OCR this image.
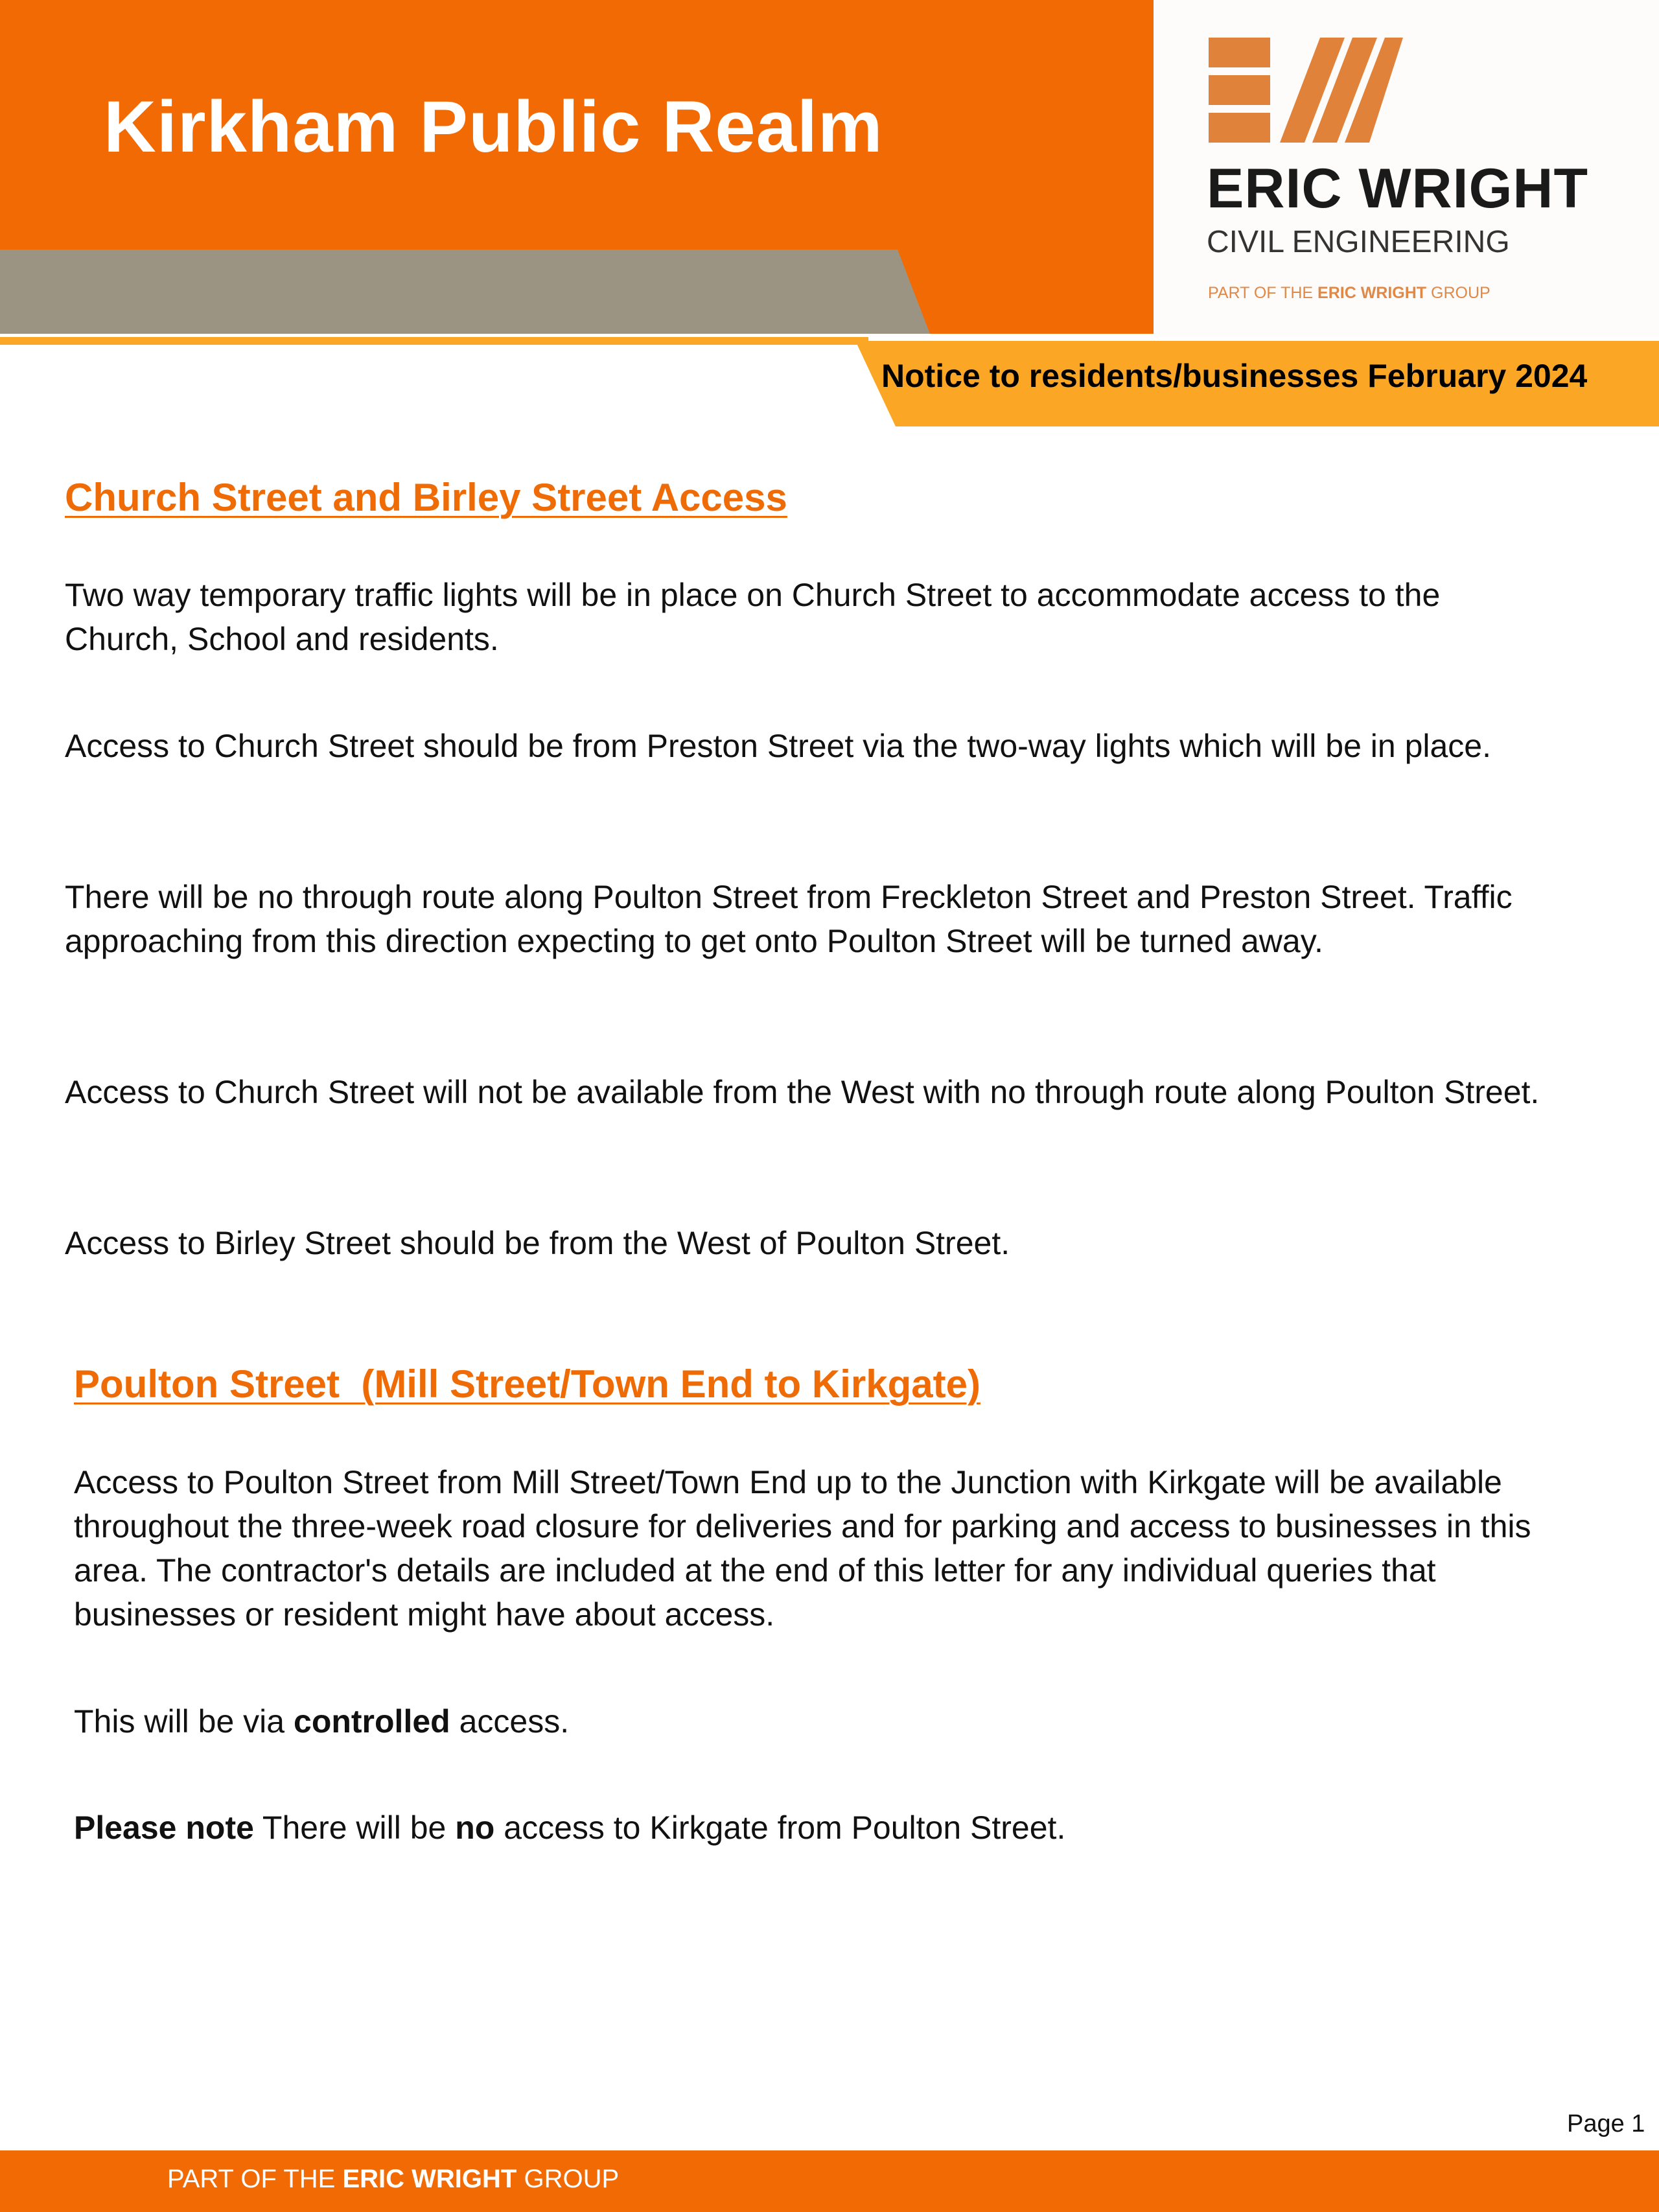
Kirkham Public Realm
ERIC WRIGHT
CIVIL ENGINEERING
PART OF THE ERIC WRIGHT GROUP
Notice to residents/businesses February 2024
Church Street and Birley Street Access

Two way temporary traffic lights will be in place on Church Street to accommodate access to the Church, School and residents.

Access to Church Street should be from Preston Street via the two-way lights which will be in place.

There will be no through route along Poulton Street from Freckleton Street and Preston Street. Traffic approaching from this direction expecting to get onto Poulton Street will be turned away.

Access to Church Street will not be available from the West with no through route along Poulton Street.

Access to Birley Street should be from the West of Poulton Street.

Poulton Street  (Mill Street/Town End to Kirkgate)

Access to Poulton Street from Mill Street/Town End up to the Junction with Kirkgate will be available throughout the three-week road closure for deliveries and for parking and access to businesses in this area. The contractor's details are included at the end of this letter for any individual queries that businesses or resident might have about access.

This will be via controlled access.

Please note There will be no access to Kirkgate from Poulton Street.

Page 1
PART OF THE ERIC WRIGHT GROUP
